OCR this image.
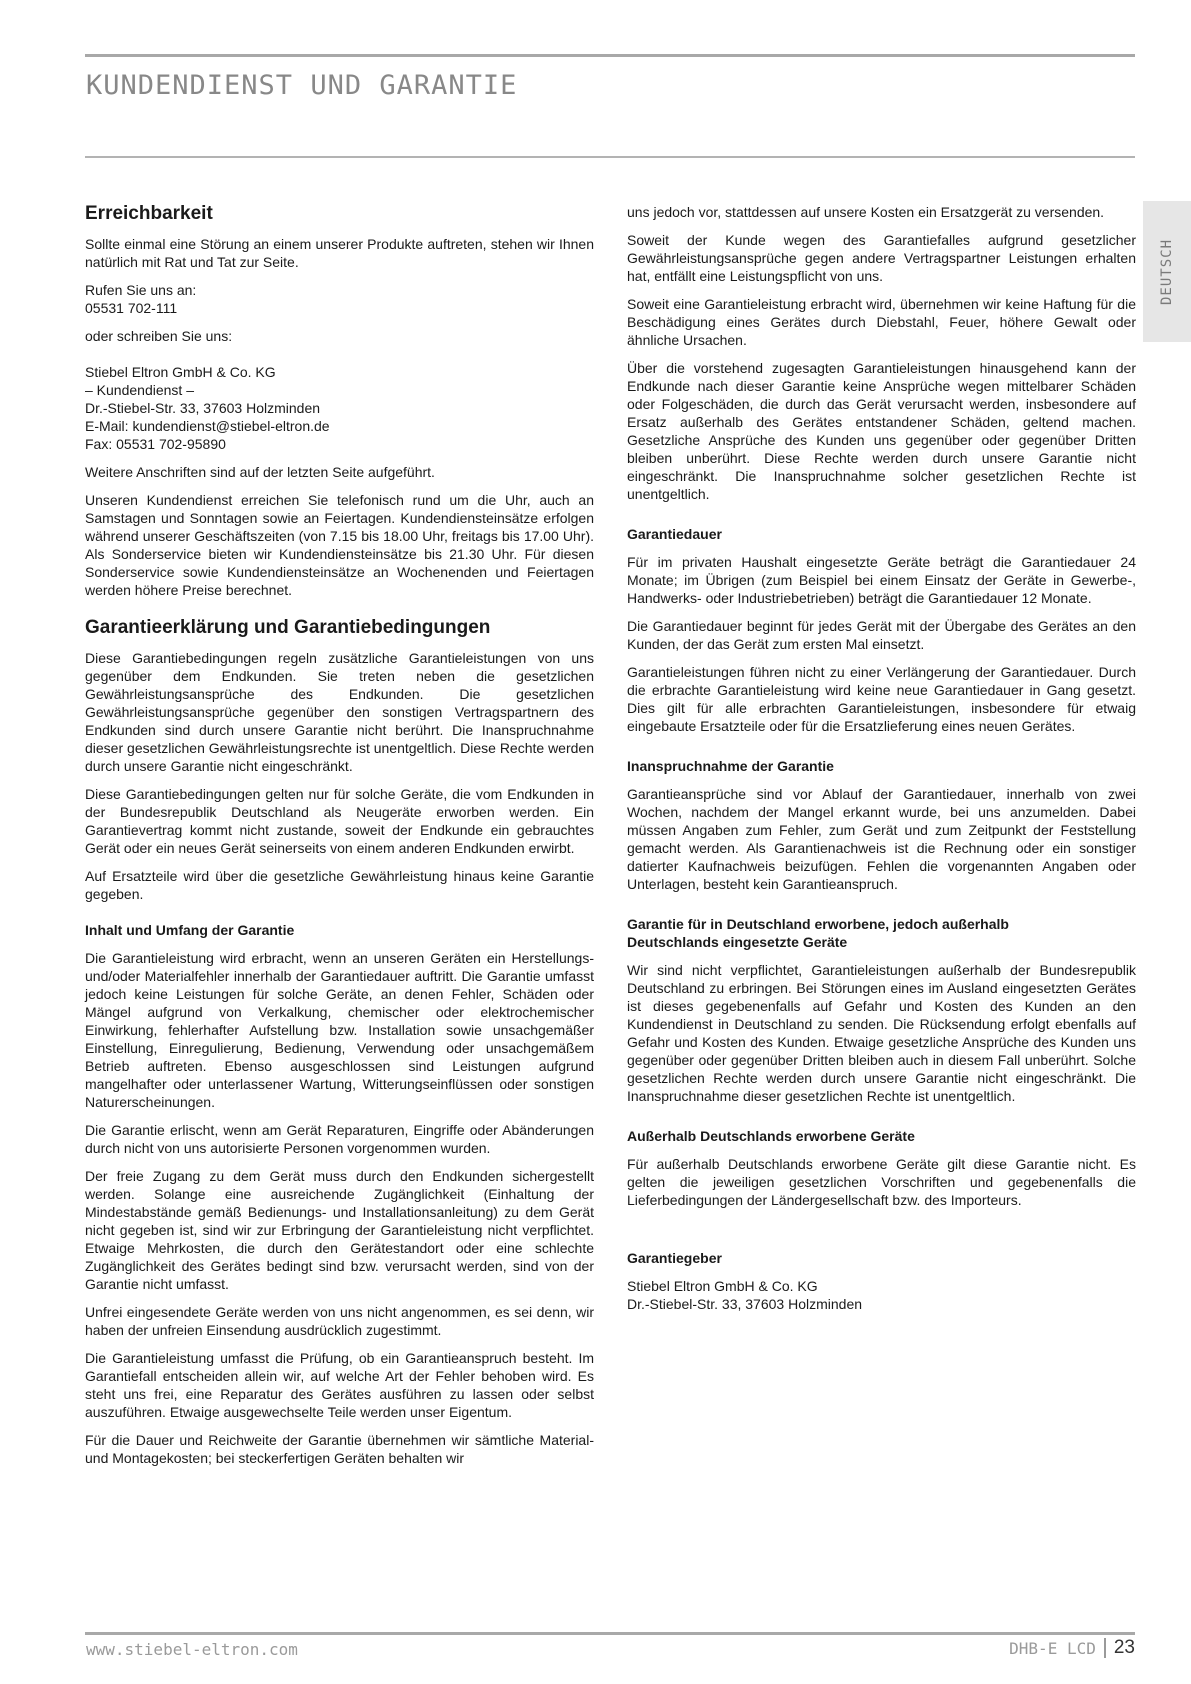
KUNDENDIENST UND GARANTIE
DEUTSCH
Erreichbarkeit

Sollte einmal eine Störung an einem unserer Produkte auftreten, stehen wir Ihnen natürlich mit Rat und Tat zur Seite.

Rufen Sie uns an:

05531 702-111

oder schreiben Sie uns:

Stiebel Eltron GmbH & Co. KG

– Kundendienst –

Dr.-Stiebel-Str. 33, 37603 Holzminden

E-Mail: kundendienst@stiebel-eltron.de

Fax: 05531 702-95890

Weitere Anschriften sind auf der letzten Seite aufgeführt.

Unseren Kundendienst erreichen Sie telefonisch rund um die Uhr, auch an Samstagen und Sonntagen sowie an Feiertagen. Kundendiensteinsätze erfolgen während unserer Geschäftszeiten (von 7.15 bis 18.00 Uhr, freitags bis 17.00 Uhr). Als Sonderservice bieten wir Kundendiensteinsätze bis 21.30 Uhr. Für diesen Sonderservice sowie Kundendiensteinsätze an Wochenenden und Feiertagen werden höhere Preise berechnet.

Garantieerklärung und Garantiebedingungen

Diese Garantiebedingungen regeln zusätzliche Garantieleistungen von uns gegenüber dem Endkunden. Sie treten neben die gesetzlichen Gewährleistungsansprüche des Endkunden. Die gesetzlichen Gewährleistungsansprüche gegenüber den sonstigen Vertragspartnern des Endkunden sind durch unsere Garantie nicht berührt. Die Inanspruchnahme dieser gesetzlichen Gewährleistungsrechte ist unentgeltlich. Diese Rechte werden durch unsere Garantie nicht eingeschränkt.

Diese Garantiebedingungen gelten nur für solche Geräte, die vom Endkunden in der Bundesrepublik Deutschland als Neugeräte erworben werden. Ein Garantievertrag kommt nicht zustande, soweit der Endkunde ein gebrauchtes Gerät oder ein neues Gerät seinerseits von einem anderen Endkunden erwirbt.

Auf Ersatzteile wird über die gesetzliche Gewährleistung hinaus keine Garantie gegeben.

Inhalt und Umfang der Garantie

Die Garantieleistung wird erbracht, wenn an unseren Geräten ein Herstellungs- und/oder Materialfehler innerhalb der Garantiedauer auftritt. Die Garantie umfasst jedoch keine Leistungen für solche Geräte, an denen Fehler, Schäden oder Mängel aufgrund von Verkalkung, chemischer oder elektrochemischer Einwirkung, fehlerhafter Aufstellung bzw. Installation sowie unsachgemäßer Einstellung, Einregulierung, Bedienung, Verwendung oder unsachgemäßem Betrieb auftreten. Ebenso ausgeschlossen sind Leistungen aufgrund mangelhafter oder unterlassener Wartung, Witterungseinflüssen oder sonstigen Naturerscheinungen.

Die Garantie erlischt, wenn am Gerät Reparaturen, Eingriffe oder Abänderungen durch nicht von uns autorisierte Personen vorgenommen wurden.

Der freie Zugang zu dem Gerät muss durch den Endkunden sichergestellt werden. Solange eine ausreichende Zugänglichkeit (Einhaltung der Mindestabstände gemäß Bedienungs- und Installationsanleitung) zu dem Gerät nicht gegeben ist, sind wir zur Erbringung der Garantieleistung nicht verpflichtet. Etwaige Mehrkosten, die durch den Gerätestandort oder eine schlechte Zugänglichkeit des Gerätes bedingt sind bzw. verursacht werden, sind von der Garantie nicht umfasst.

Unfrei eingesendete Geräte werden von uns nicht angenommen, es sei denn, wir haben der unfreien Einsendung ausdrücklich zugestimmt.

Die Garantieleistung umfasst die Prüfung, ob ein Garantieanspruch besteht. Im Garantiefall entscheiden allein wir, auf welche Art der Fehler behoben wird. Es steht uns frei, eine Reparatur des Gerätes ausführen zu lassen oder selbst auszuführen. Etwaige ausgewechselte Teile werden unser Eigentum.

Für die Dauer und Reichweite der Garantie übernehmen wir sämtliche Material- und Montagekosten; bei steckerfertigen Geräten behalten wir

uns jedoch vor, stattdessen auf unsere Kosten ein Ersatzgerät zu versenden.

Soweit der Kunde wegen des Garantiefalles aufgrund gesetzlicher Gewährleistungsansprüche gegen andere Vertragspartner Leistungen erhalten hat, entfällt eine Leistungspflicht von uns.

Soweit eine Garantieleistung erbracht wird, übernehmen wir keine Haftung für die Beschädigung eines Gerätes durch Diebstahl, Feuer, höhere Gewalt oder ähnliche Ursachen.

Über die vorstehend zugesagten Garantieleistungen hinausgehend kann der Endkunde nach dieser Garantie keine Ansprüche wegen mittelbarer Schäden oder Folgeschäden, die durch das Gerät verursacht werden, insbesondere auf Ersatz außerhalb des Gerätes entstandener Schäden, geltend machen. Gesetzliche Ansprüche des Kunden uns gegenüber oder gegenüber Dritten bleiben unberührt. Diese Rechte werden durch unsere Garantie nicht eingeschränkt. Die Inanspruchnahme solcher gesetzlichen Rechte ist unentgeltlich.

Garantiedauer

Für im privaten Haushalt eingesetzte Geräte beträgt die Garantiedauer 24 Monate; im Übrigen (zum Beispiel bei einem Einsatz der Geräte in Gewerbe-, Handwerks- oder Industriebetrieben) beträgt die Garantiedauer 12 Monate.

Die Garantiedauer beginnt für jedes Gerät mit der Übergabe des Gerätes an den Kunden, der das Gerät zum ersten Mal einsetzt.

Garantieleistungen führen nicht zu einer Verlängerung der Garantiedauer. Durch die erbrachte Garantieleistung wird keine neue Garantiedauer in Gang gesetzt. Dies gilt für alle erbrachten Garantieleistungen, insbesondere für etwaig eingebaute Ersatzteile oder für die Ersatzlieferung eines neuen Gerätes.

Inanspruchnahme der Garantie

Garantieansprüche sind vor Ablauf der Garantiedauer, innerhalb von zwei Wochen, nachdem der Mangel erkannt wurde, bei uns anzumelden. Dabei müssen Angaben zum Fehler, zum Gerät und zum Zeitpunkt der Feststellung gemacht werden. Als Garantienachweis ist die Rechnung oder ein sonstiger datierter Kaufnachweis beizufügen. Fehlen die vorgenannten Angaben oder Unterlagen, besteht kein Garantieanspruch.

Garantie für in Deutschland erworbene, jedoch außerhalb
Deutschlands eingesetzte Geräte

Wir sind nicht verpflichtet, Garantieleistungen außerhalb der Bundesrepublik Deutschland zu erbringen. Bei Störungen eines im Ausland eingesetzten Gerätes ist dieses gegebenenfalls auf Gefahr und Kosten des Kunden an den Kundendienst in Deutschland zu senden. Die Rücksendung erfolgt ebenfalls auf Gefahr und Kosten des Kunden. Etwaige gesetzliche Ansprüche des Kunden uns gegenüber oder gegenüber Dritten bleiben auch in diesem Fall unberührt. Solche gesetzlichen Rechte werden durch unsere Garantie nicht eingeschränkt. Die Inanspruchnahme dieser gesetzlichen Rechte ist unentgeltlich.

Außerhalb Deutschlands erworbene Geräte

Für außerhalb Deutschlands erworbene Geräte gilt diese Garantie nicht. Es gelten die jeweiligen gesetzlichen Vorschriften und gegebenenfalls die Lieferbedingungen der Ländergesellschaft bzw. des Importeurs.

Garantiegeber

Stiebel Eltron GmbH & Co. KG

Dr.-Stiebel-Str. 33, 37603 Holzminden

www.stiebel-eltron.com	DHB-E LCD 23
